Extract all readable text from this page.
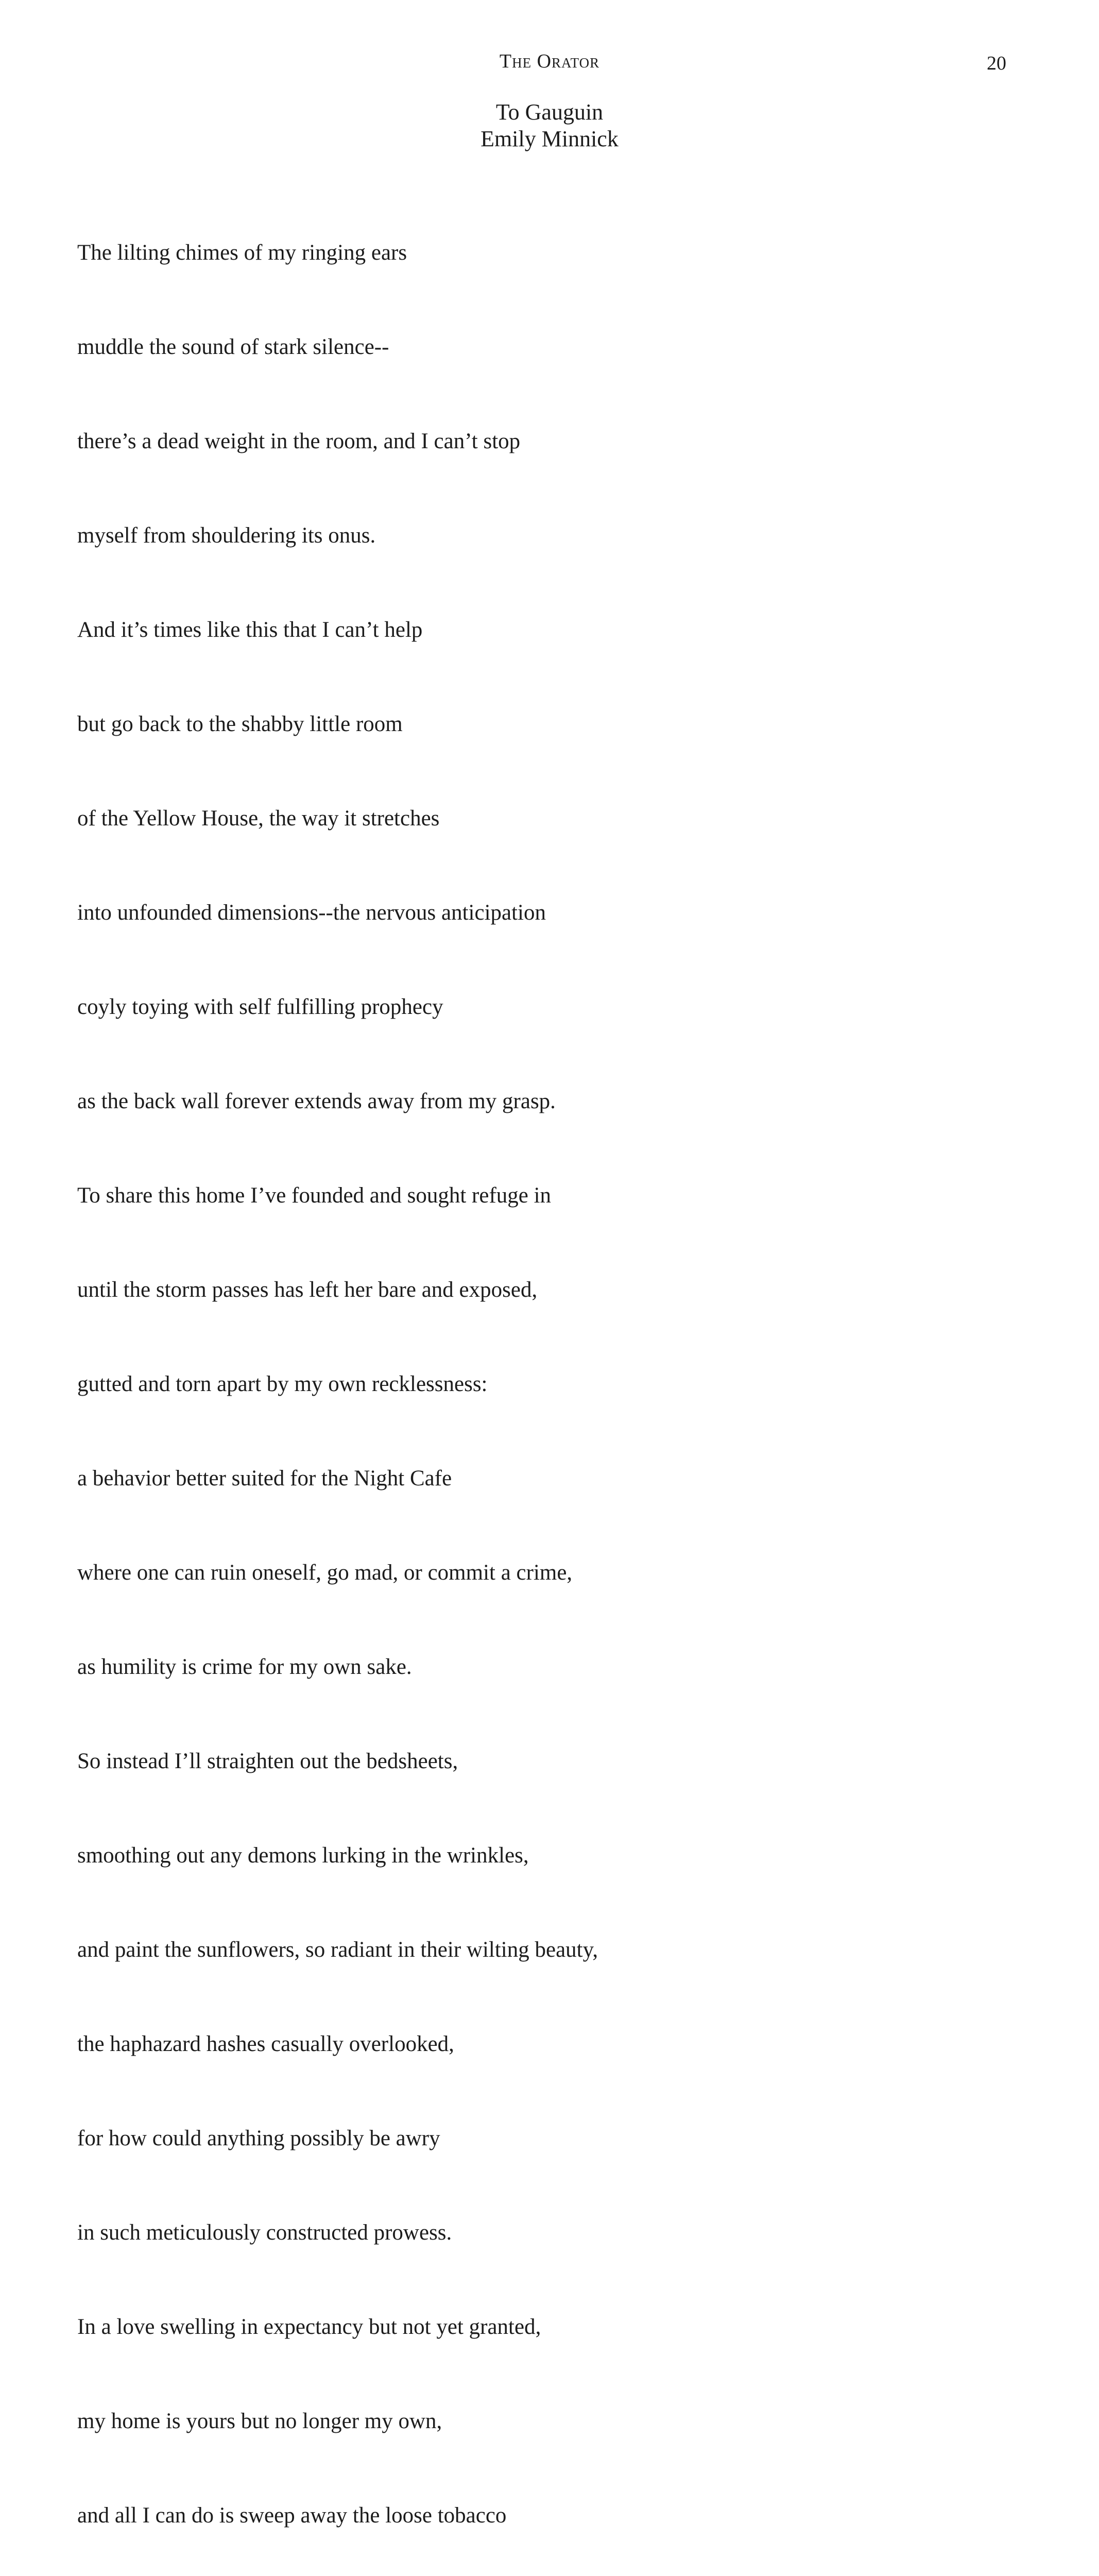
The Orator	20
To Gauguin
Emily Minnick

The lilting chimes of my ringing ears

muddle the sound of stark silence--

there’s a dead weight in the room, and I can’t stop

myself from shouldering its onus.

And it’s times like this that I can’t help

but go back to the shabby little room

of the Yellow House, the way it stretches

into unfounded dimensions--the nervous anticipation

coyly toying with self fulfilling prophecy

as the back wall forever extends away from my grasp.

To share this home I’ve founded and sought refuge in

until the storm passes has left her bare and exposed,

gutted and torn apart by my own recklessness:

a behavior better suited for the Night Cafe

where one can ruin oneself, go mad, or commit a crime,

as humility is crime for my own sake.

So instead I’ll straighten out the bedsheets,

smoothing out any demons lurking in the wrinkles,

and paint the sunflowers, so radiant in their wilting beauty,

the haphazard hashes casually overlooked,

for how could anything possibly be awry

in such meticulously constructed prowess.

In a love swelling in expectancy but not yet granted,

my home is yours but no longer my own,

and all I can do is sweep away the loose tobacco
